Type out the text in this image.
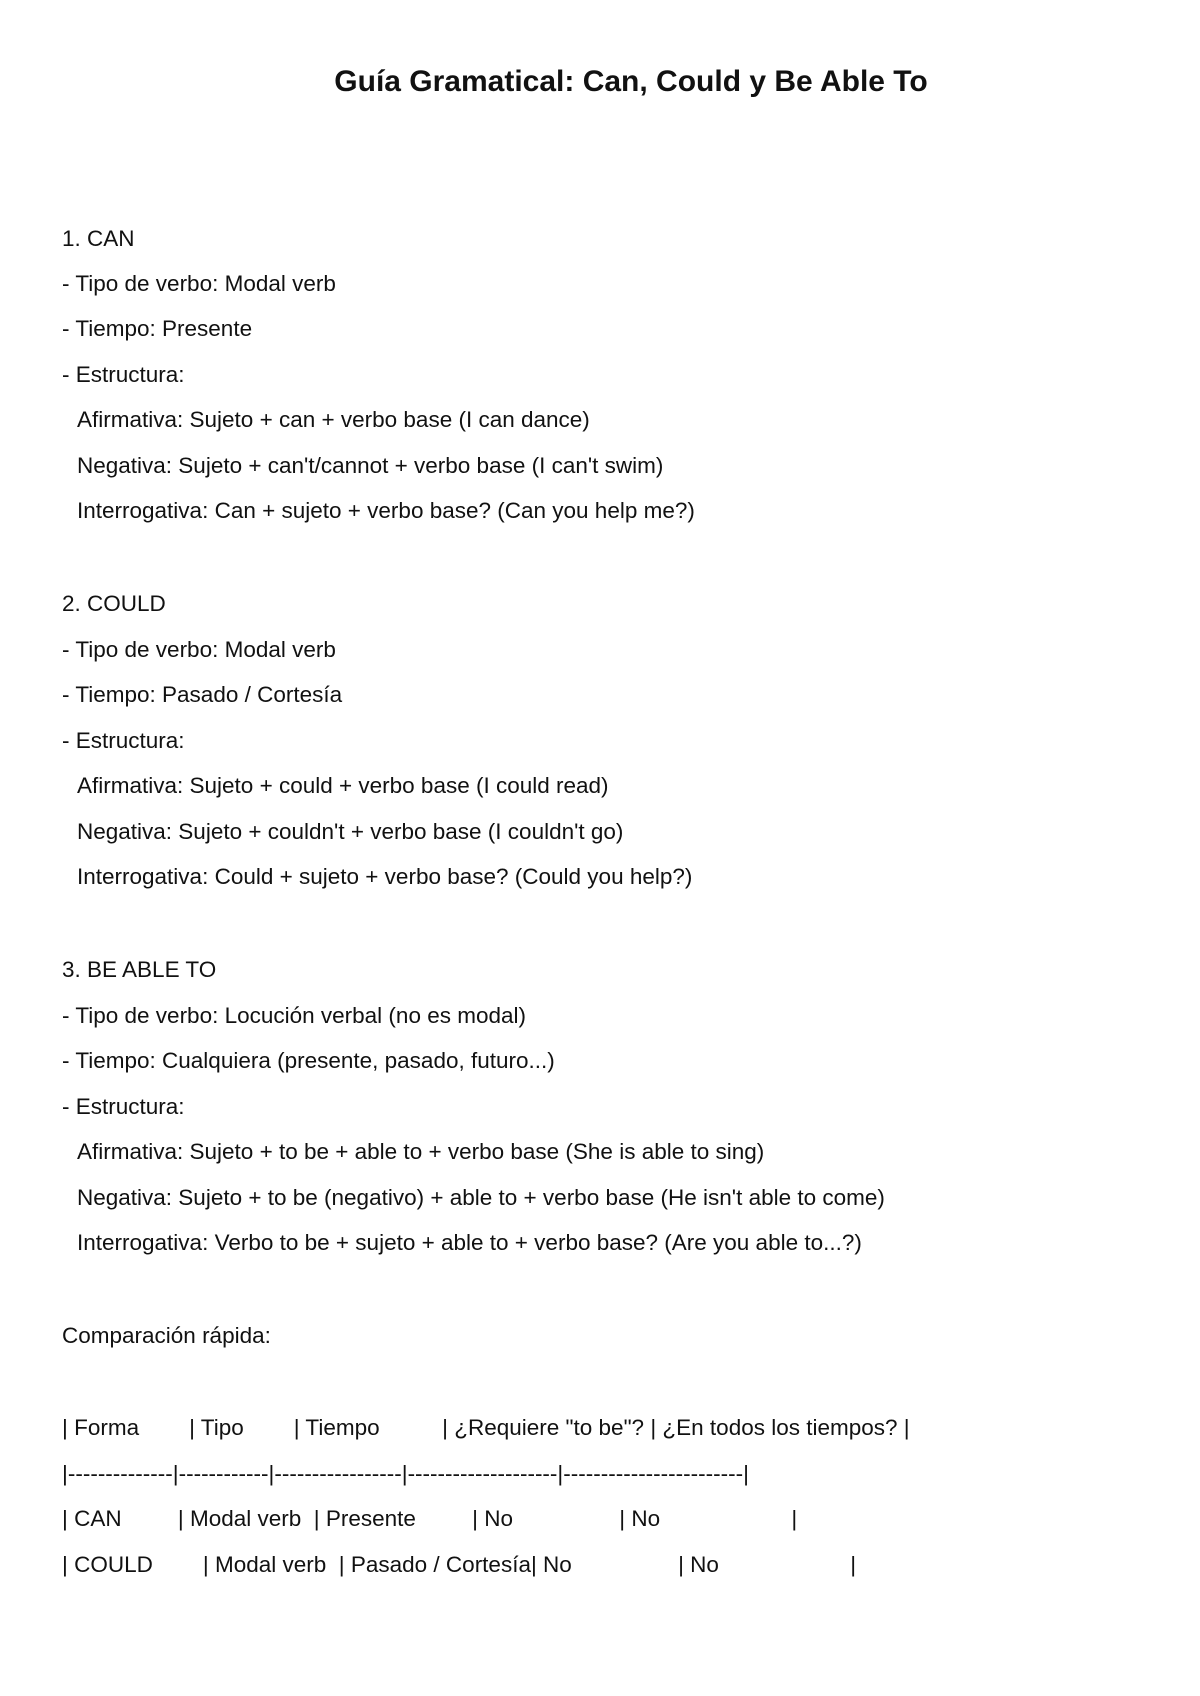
Guía Gramatical: Can, Could y Be Able To
1. CAN
- Tipo de verbo: Modal verb
- Tiempo: Presente
- Estructura:
Afirmativa: Sujeto + can + verbo base (I can dance)
Negativa: Sujeto + can't/cannot + verbo base (I can't swim)
Interrogativa: Can + sujeto + verbo base? (Can you help me?)
2. COULD
- Tipo de verbo: Modal verb
- Tiempo: Pasado / Cortesía
- Estructura:
Afirmativa: Sujeto + could + verbo base (I could read)
Negativa: Sujeto + couldn't + verbo base (I couldn't go)
Interrogativa: Could + sujeto + verbo base? (Could you help?)
3. BE ABLE TO
- Tipo de verbo: Locución verbal (no es modal)
- Tiempo: Cualquiera (presente, pasado, futuro...)
- Estructura:
Afirmativa: Sujeto + to be + able to + verbo base (She is able to sing)
Negativa: Sujeto + to be (negativo) + able to + verbo base (He isn't able to come)
Interrogativa: Verbo to be + sujeto + able to + verbo base? (Are you able to...?)
Comparación rápida:
| Forma        | Tipo        | Tiempo          | ¿Requiere "to be"? | ¿En todos los tiempos? |
|--------------|------------|-----------------|--------------------|------------------------|
| CAN         | Modal verb  | Presente         | No                 | No                     |
| COULD        | Modal verb  | Pasado / Cortesía| No                 | No                     |
